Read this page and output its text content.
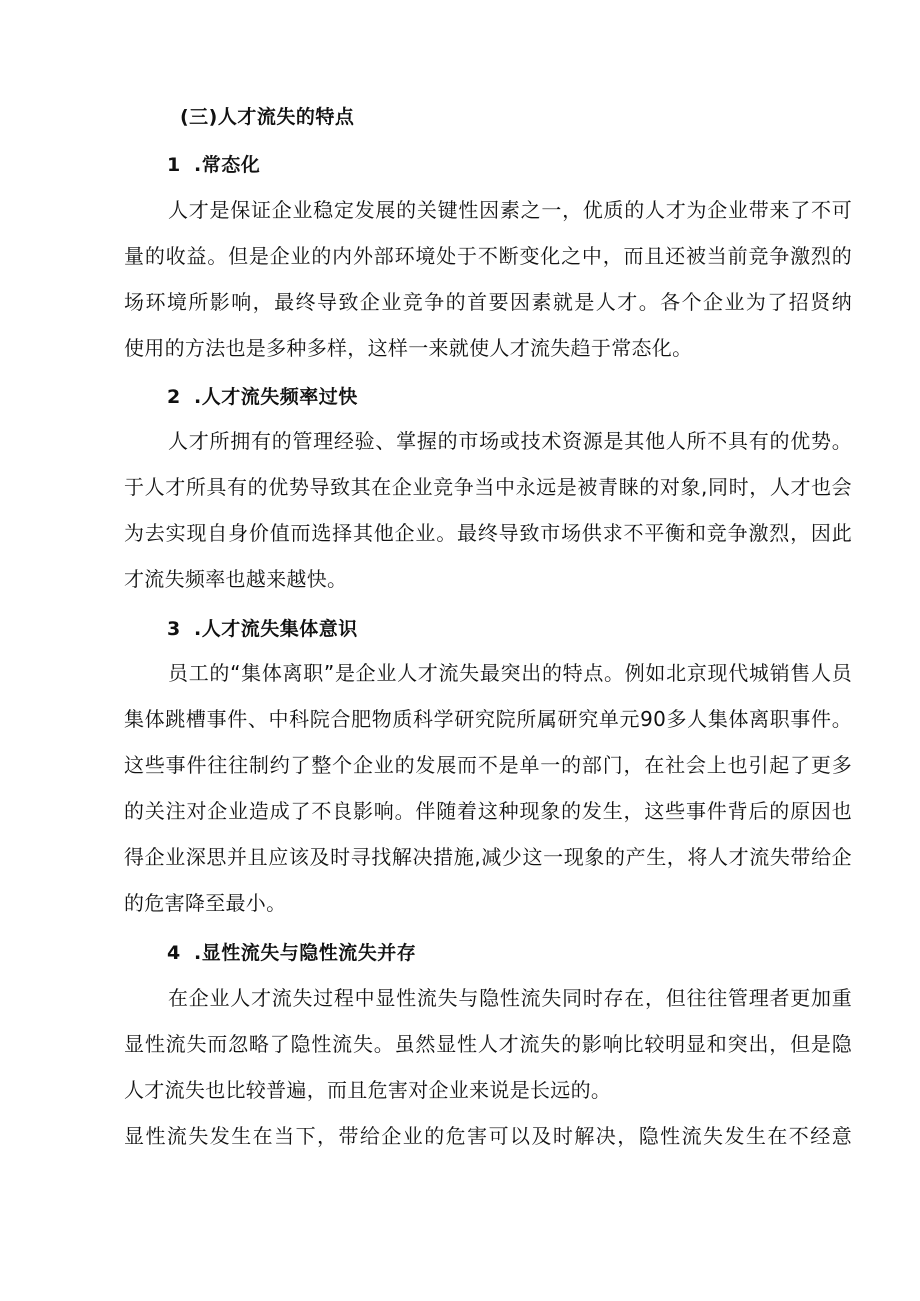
(三)人才流失的特点
1 .常态化
人才是保证企业稳定发展的关键性因素之一，优质的人才为企业带来了不可
量的收益。但是企业的内外部环境处于不断变化之中，而且还被当前竞争激烈的
场环境所影响，最终导致企业竞争的首要因素就是人才。各个企业为了招贤纳
使用的方法也是多种多样，这样一来就使人才流失趋于常态化。
2 .人才流失频率过快
人才所拥有的管理经验、掌握的市场或技术资源是其他人所不具有的优势。
于人才所具有的优势导致其在企业竞争当中永远是被青睐的对象,同时，人才也会
为去实现自身价值而选择其他企业。最终导致市场供求不平衡和竞争激烈，因此
才流失频率也越来越快。
3 .人才流失集体意识
员工的“集体离职”是企业人才流失最突出的特点。例如北京现代城销售人员
集体跳槽事件、中科院合肥物质科学研究院所属研究单元90多人集体离职事件。
这些事件往往制约了整个企业的发展而不是单一的部门，在社会上也引起了更多
的关注对企业造成了不良影响。伴随着这种现象的发生，这些事件背后的原因也
得企业深思并且应该及时寻找解决措施,减少这一现象的产生，将人才流失带给企
的危害降至最小。
4 .显性流失与隐性流失并存
在企业人才流失过程中显性流失与隐性流失同时存在，但往往管理者更加重
显性流失而忽略了隐性流失。虽然显性人才流失的影响比较明显和突出，但是隐
人才流失也比较普遍，而且危害对企业来说是长远的。
显性流失发生在当下，带给企业的危害可以及时解决，隐性流失发生在不经意
